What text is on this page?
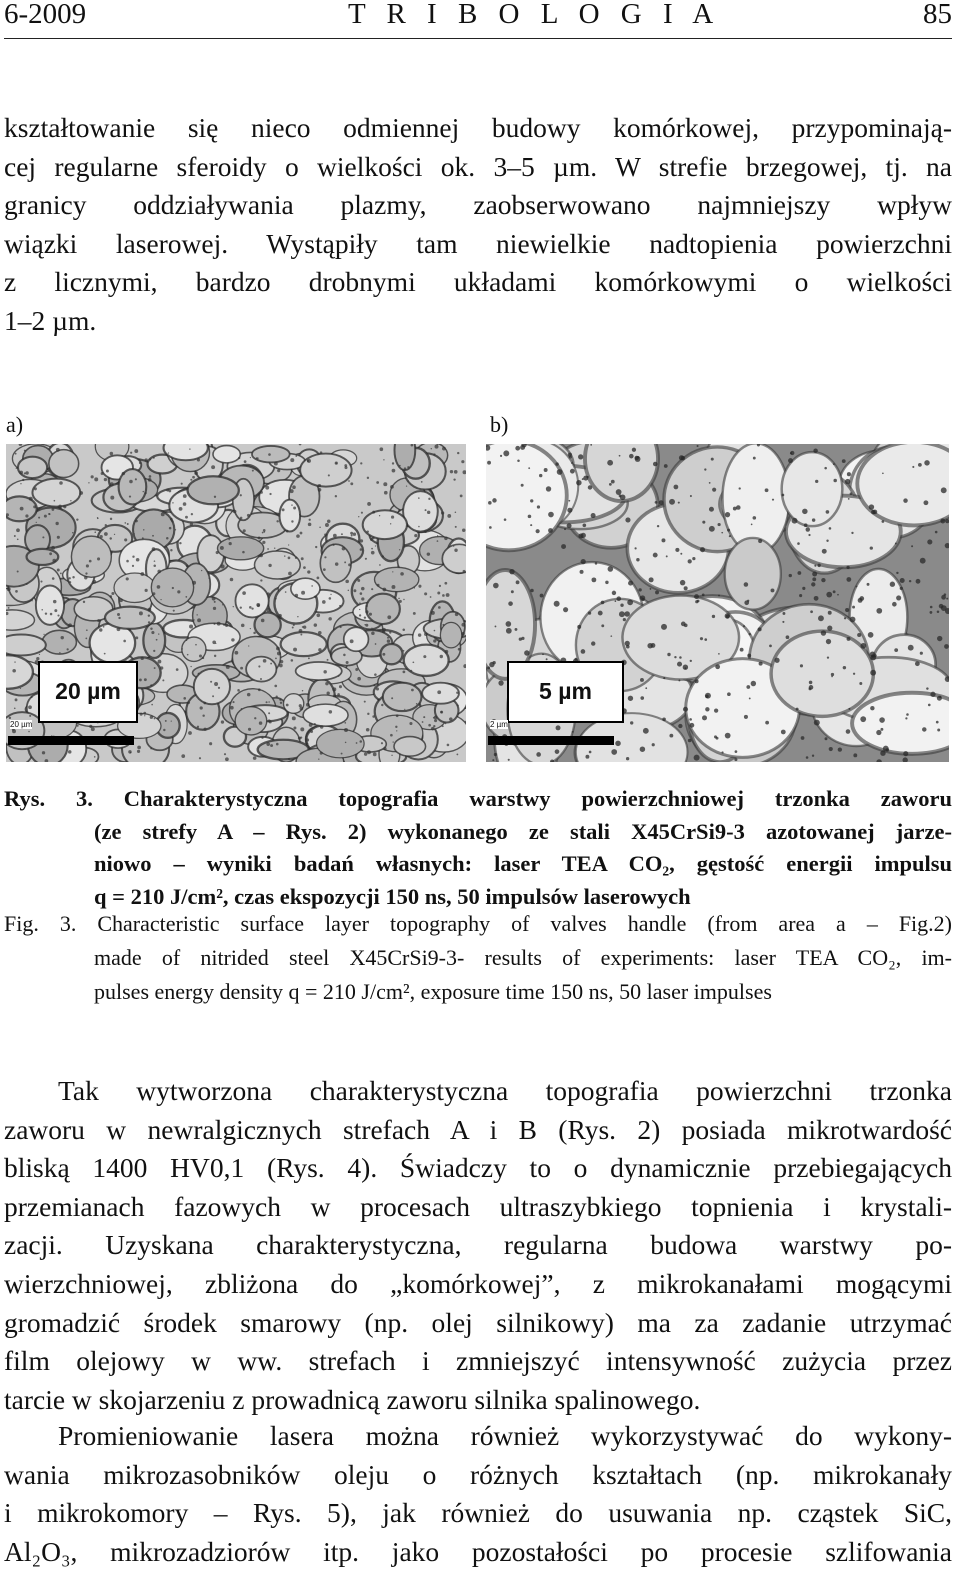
6-2009	T R I B O L O G I A	85

kształtowanie się nieco odmiennej budowy komórkowej, przypominają-

cej regularne sferoidy o wielkości ok. 3–5 µm. W strefie brzegowej, tj. na

granicy oddziaływania plazmy, zaobserwowano najmniejszy wpływ

wiązki laserowej. Wystąpiły tam niewielkie nadtopienia powierzchni

z licznymi, bardzo drobnymi układami komórkowymi o wielkości

1–2 µm.

a)	b)
20 µm	5 µm
20 µm	2 µm

Rys. 3. Charakterystyczna topografia warstwy powierzchniowej trzonka zaworu

(ze strefy A – Rys. 2) wykonanego ze stali X45CrSi9-3 azotowanej jarze-

niowo – wyniki badań własnych: laser TEA CO₂, gęstość energii impulsu

q = 210 J/cm², czas ekspozycji 150 ns, 50 impulsów laserowych

Fig. 3. Characteristic surface layer topography of valves handle (from area a – Fig.2)

made of nitrided steel X45CrSi9-3- results of experiments: laser TEA CO₂, im-

pulses energy density q = 210 J/cm², exposure time 150 ns, 50 laser impulses

Tak wytworzona charakterystyczna topografia powierzchni trzonka

zaworu w newralgicznych strefach A i B (Rys. 2) posiada mikrotwardość

bliską 1400 HV0,1 (Rys. 4). Świadczy to o dynamicznie przebiegających

przemianach fazowych w procesach ultraszybkiego topnienia i krystali-

zacji. Uzyskana charakterystyczna, regularna budowa warstwy po-

wierzchniowej, zbliżona do „komórkowej”, z mikrokanałami mogącymi

gromadzić środek smarowy (np. olej silnikowy) ma za zadanie utrzymać

film olejowy w ww. strefach i zmniejszyć intensywność zużycia przez

tarcie w skojarzeniu z prowadnicą zaworu silnika spalinowego.

Promieniowanie lasera można również wykorzystywać do wykony-

wania mikrozasobników oleju o różnych kształtach (np. mikrokanały

i mikrokomory – Rys. 5), jak również do usuwania np. cząstek SiC,

Al₂O₃, mikrozadziorów itp. jako pozostałości po procesie szlifowania
